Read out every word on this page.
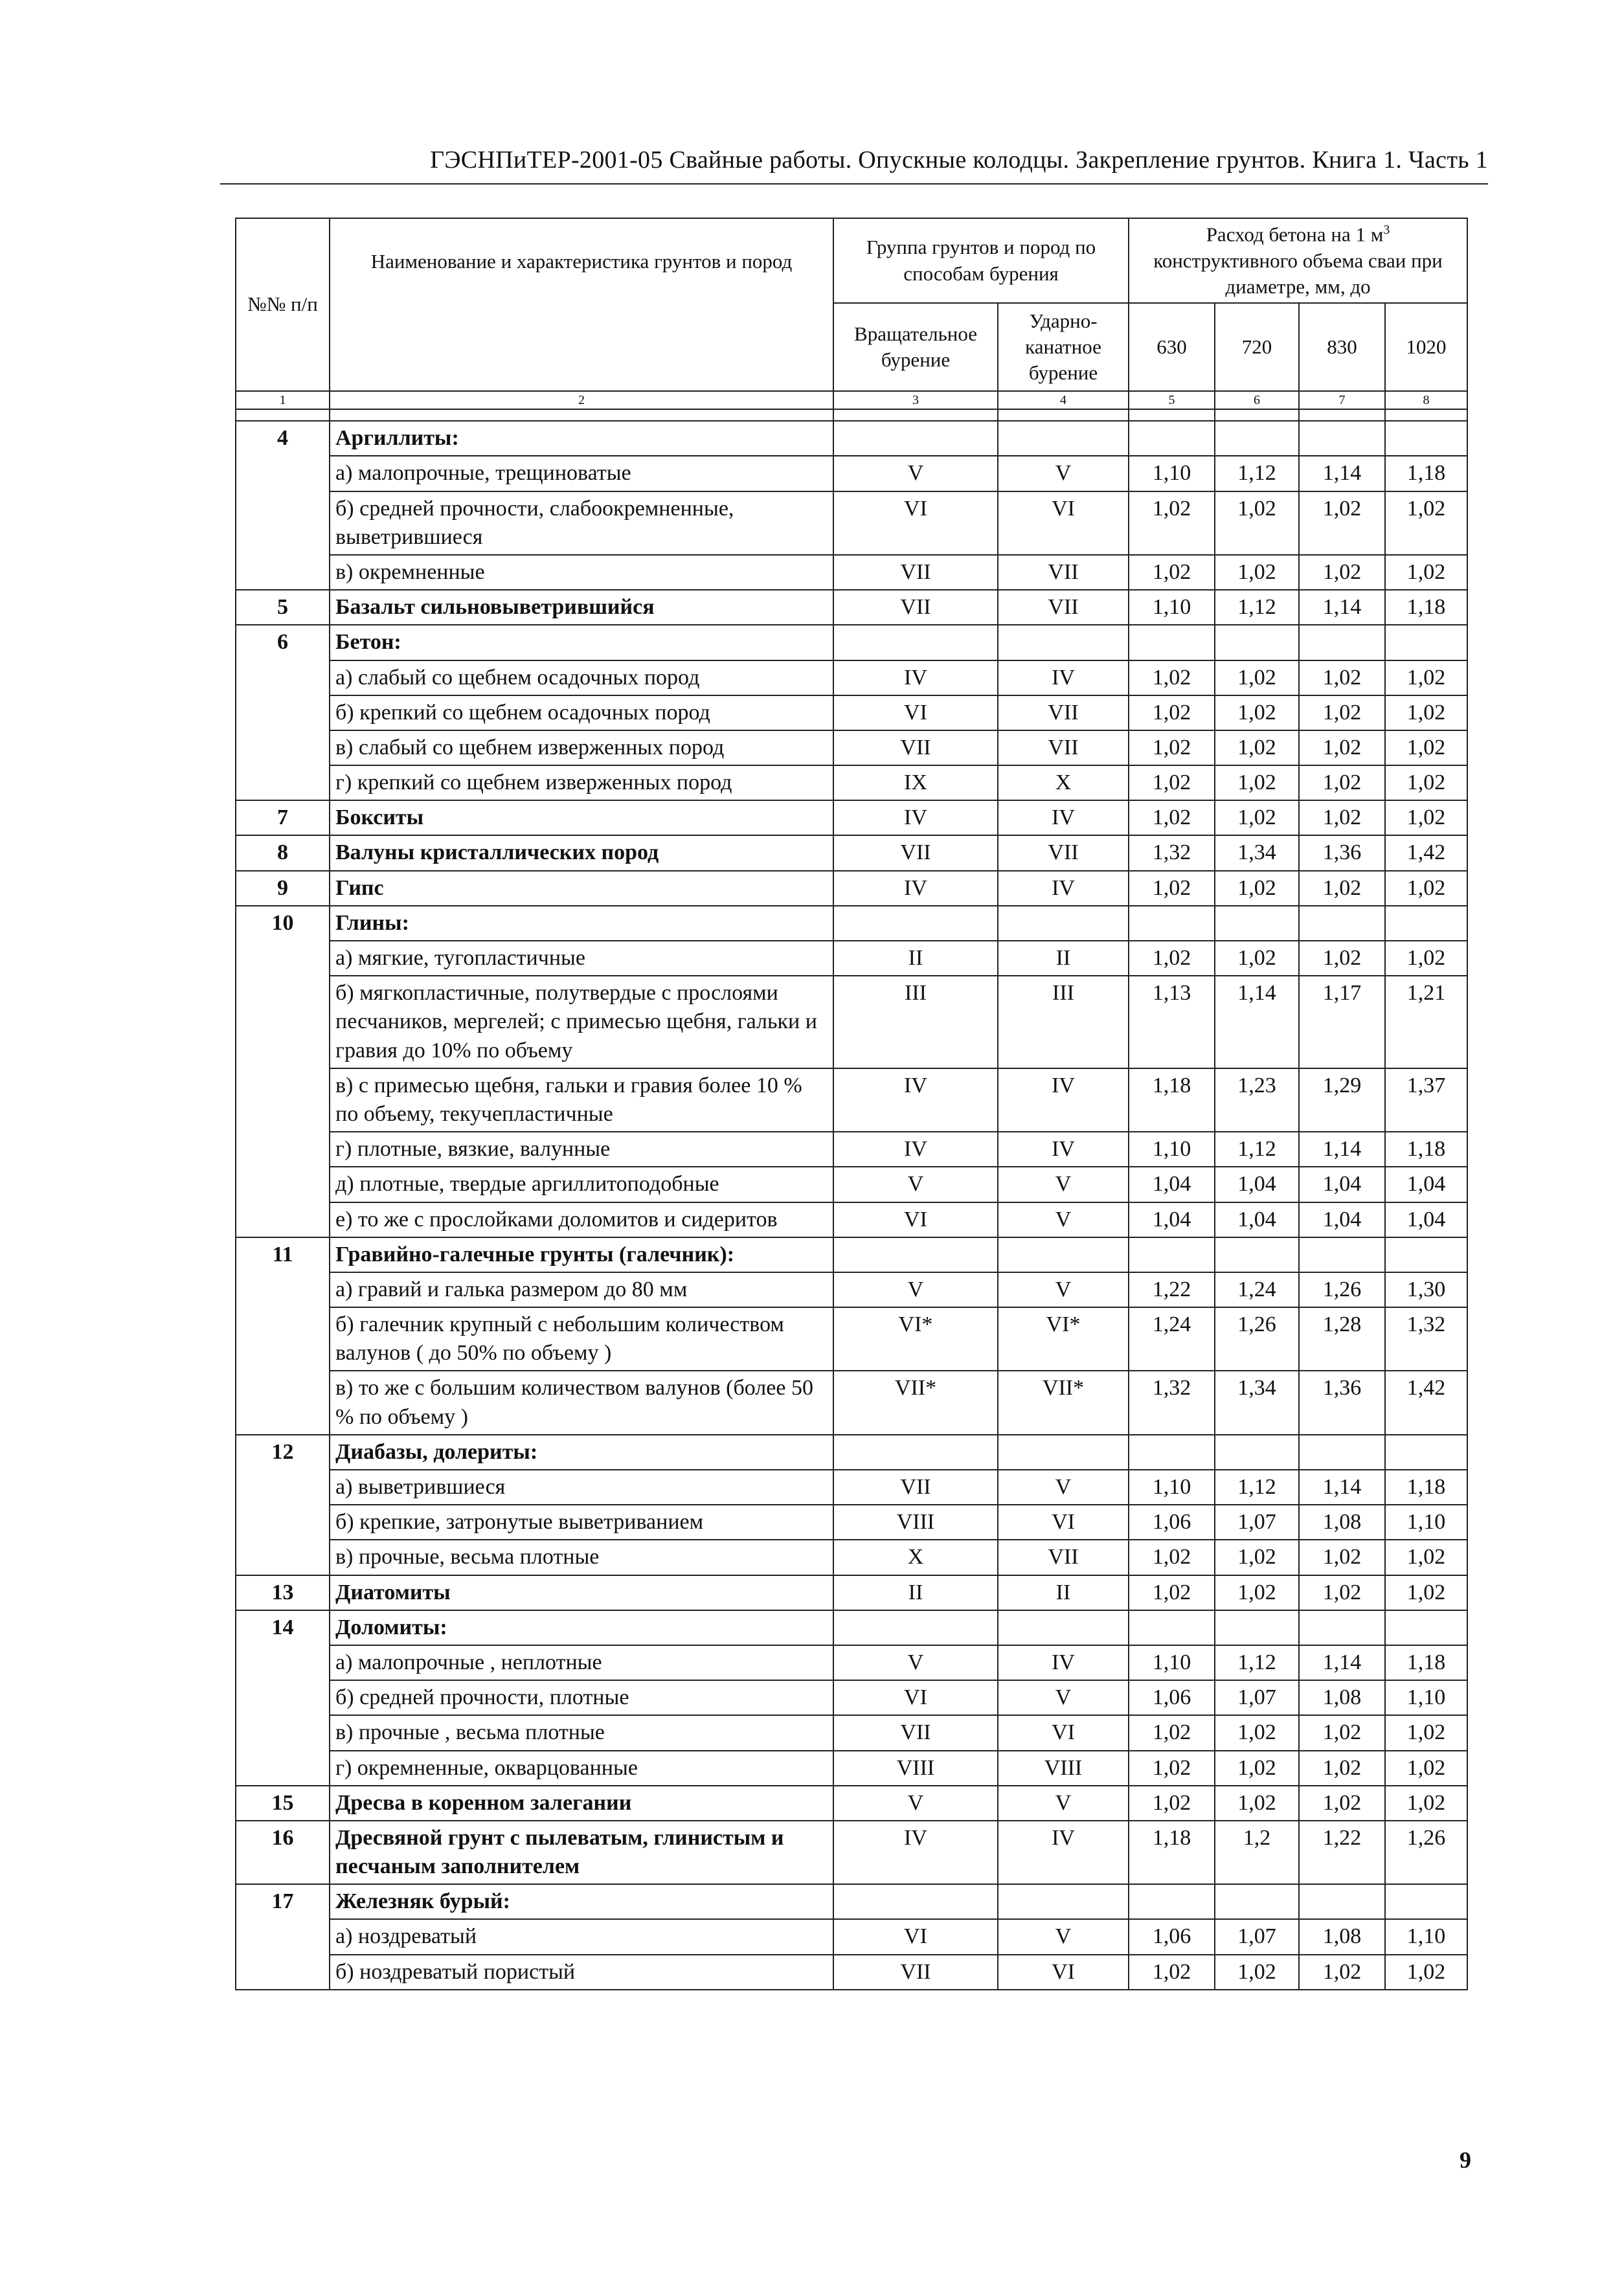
ГЭСНПиТЕР-2001-05 Свайные работы. Опускные колодцы. Закрепление грунтов. Книга 1. Часть 1
№№ п/п	Наименование и характеристика грунтов и пород	Группа грунтов и пород по способам бурения		Расход бетона на 1 $м^3$ конструктивного объема сваи при диаметре, мм, до			
		Вращательное бурение	Ударно-канатное бурение	630	720	830	1020
1	2	3	4	5	6	7	8

4	Аргиллиты:						
	а) малопрочные, трещиноватые	V	V	1,10	1,12	1,14	1,18
	б) средней прочности, слабоокремненные, выветрившиеся	VI	VI	1,02	1,02	1,02	1,02
	в) окремненные	VII	VII	1,02	1,02	1,02	1,02
5	Базальт сильновыветрившийся	VII	VII	1,10	1,12	1,14	1,18
6	Бетон:						
	а) слабый со щебнем осадочных пород	IV	IV	1,02	1,02	1,02	1,02
	б) крепкий со щебнем осадочных пород	VI	VII	1,02	1,02	1,02	1,02
	в) слабый со щебнем изверженных пород	VII	VII	1,02	1,02	1,02	1,02
	г) крепкий со щебнем изверженных пород	IX	X	1,02	1,02	1,02	1,02
7	Бокситы	IV	IV	1,02	1,02	1,02	1,02
8	Валуны кристаллических пород	VII	VII	1,32	1,34	1,36	1,42
9	Гипс	IV	IV	1,02	1,02	1,02	1,02
10	Глины:						
	а) мягкие, тугопластичные	II	II	1,02	1,02	1,02	1,02
	б) мягкопластичные, полутвердые с прослоями песчаников, мергелей; с примесью щебня, гальки и гравия до 10% по объему	III	III	1,13	1,14	1,17	1,21
	в) с примесью щебня, гальки и гравия более 10 % по объему, текучепластичные	IV	IV	1,18	1,23	1,29	1,37
	г) плотные, вязкие, валунные	IV	IV	1,10	1,12	1,14	1,18
	д) плотные, твердые аргиллитоподобные	V	V	1,04	1,04	1,04	1,04
	е) то же с прослойками доломитов и сидеритов	VI	V	1,04	1,04	1,04	1,04
11	Гравийно-галечные грунты (галечник):						
	а) гравий и галька размером до 80 мм	V	V	1,22	1,24	1,26	1,30
	б) галечник крупный с небольшим количеством валунов ( до 50% по объему )	VI*	VI*	1,24	1,26	1,28	1,32
	в) то же с большим количеством валунов (более 50 % по объему )	VII*	VII*	1,32	1,34	1,36	1,42
12	Диабазы, долериты:						
	а) выветрившиеся	VII	V	1,10	1,12	1,14	1,18
	б) крепкие, затронутые выветриванием	VIII	VI	1,06	1,07	1,08	1,10
	в) прочные, весьма плотные	X	VII	1,02	1,02	1,02	1,02
13	Диатомиты	II	II	1,02	1,02	1,02	1,02
14	Доломиты:						
	а) малопрочные , неплотные	V	IV	1,10	1,12	1,14	1,18
	б) средней прочности, плотные	VI	V	1,06	1,07	1,08	1,10
	в) прочные , весьма плотные	VII	VI	1,02	1,02	1,02	1,02
	г) окремненные, окварцованные	VIII	VIII	1,02	1,02	1,02	1,02
15	Дресва в коренном залегании	V	V	1,02	1,02	1,02	1,02
16	Дресвяной грунт с пылеватым, глинистым и песчаным заполнителем	IV	IV	1,18	1,2	1,22	1,26
17	Железняк бурый:						
	а) ноздреватый	VI	V	1,06	1,07	1,08	1,10
	б) ноздреватый пористый	VII	VI	1,02	1,02	1,02	1,02
9
